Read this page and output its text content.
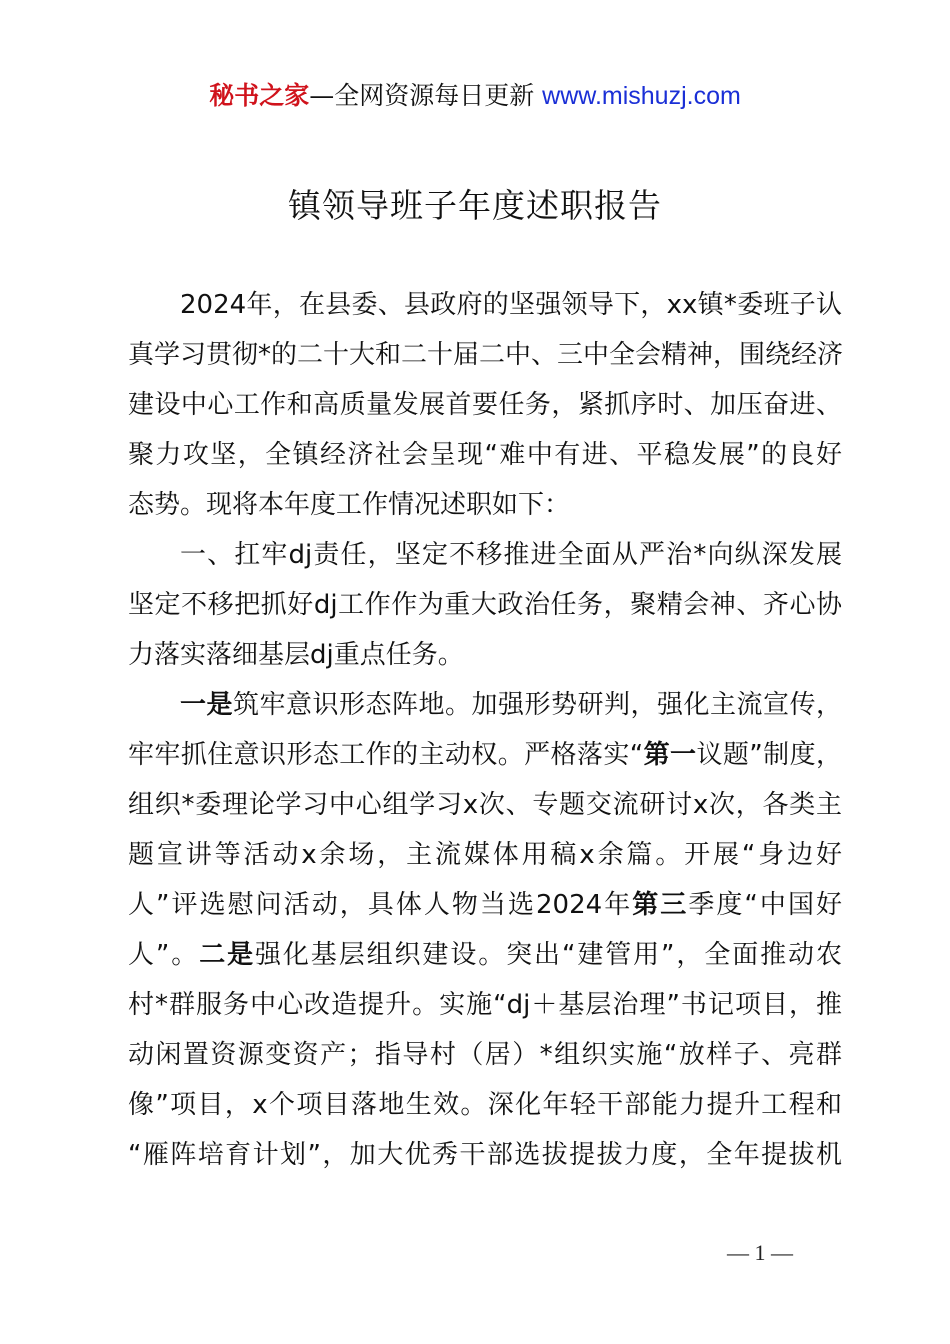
秘书之家—全网资源每日更新 www.mishuzj.com
镇领导班子年度述职报告
2024年，在县委、县政府的坚强领导下，xx镇*委班子认
真学习贯彻*的二十大和二十届二中、三中全会精神，围绕经济
建设中心工作和高质量发展首要任务，紧抓序时、加压奋进、
聚力攻坚，全镇经济社会呈现“难中有进、平稳发展”的良好
态势。现将本年度工作情况述职如下：
一、扛牢dj责任，坚定不移推进全面从严治*向纵深发展
坚定不移把抓好dj工作作为重大政治任务，聚精会神、齐心协
力落实落细基层dj重点任务。
一是筑牢意识形态阵地。加强形势研判，强化主流宣传，
牢牢抓住意识形态工作的主动权。严格落实“第一议题”制度，
组织*委理论学习中心组学习x次、专题交流研讨x次，各类主
题宣讲等活动x余场，主流媒体用稿x余篇。开展“身边好
人”评选慰问活动，具体人物当选2024年第三季度“中国好
人”。二是强化基层组织建设。突出“建管用”，全面推动农
村*群服务中心改造提升。实施“dj＋基层治理”书记项目，推
动闲置资源变资产；指导村（居）*组织实施“放样子、亮群
像”项目，x个项目落地生效。深化年轻干部能力提升工程和
“雁阵培育计划”，加大优秀干部选拔提拔力度，全年提拔机
— 1 —
